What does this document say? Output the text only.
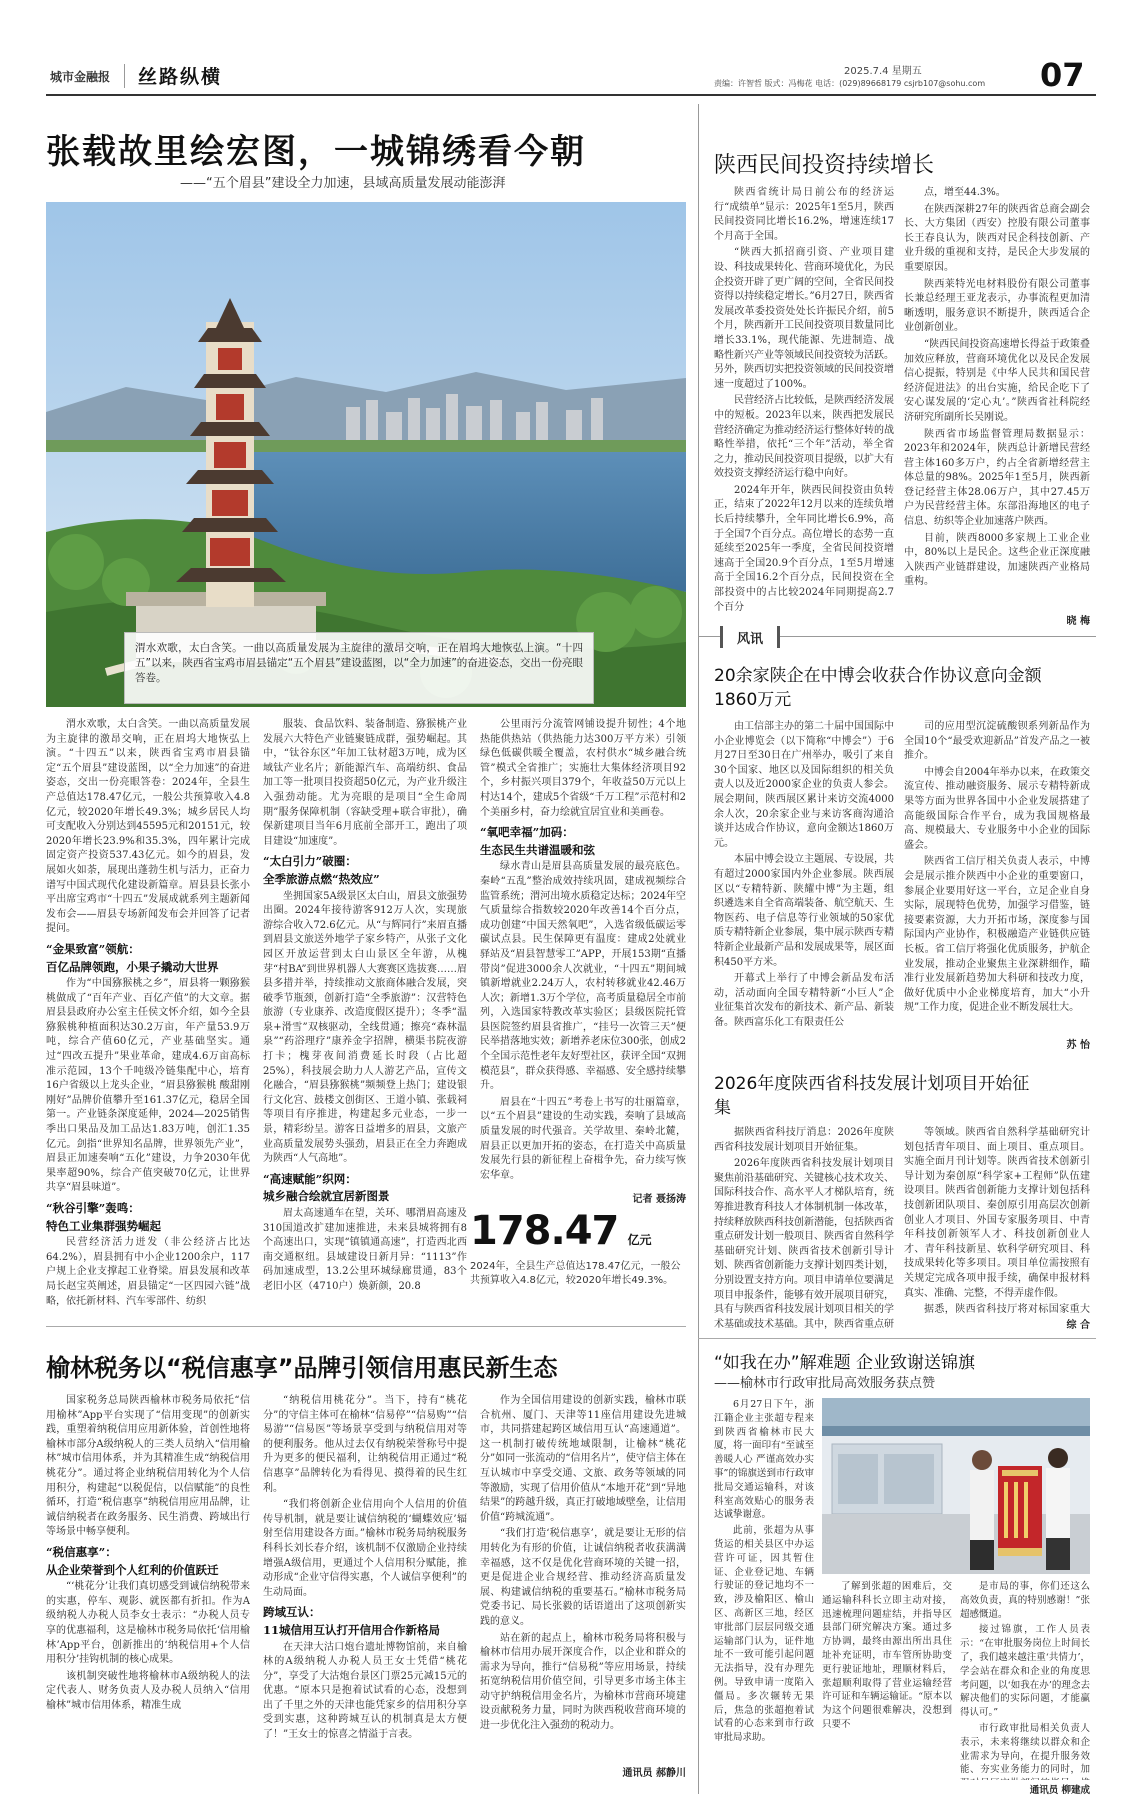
城市金融报 丝路纵横	2025.7.4 星期五	07
责编：许智哲 版式：冯梅花 电话：(029)89668179 csjrb107@sohu.com
张载故里绘宏图，一城锦绣看今朝
——“五个眉县”建设全力加速，县域高质量发展动能澎湃
渭水欢歌，太白含笑。一曲以高质量发展为主旋律的激昂交响，正在眉坞大地恢弘上演。“十四五”以来，陕西省宝鸡市眉县锚定“五个眉县”建设蓝图，以“全力加速”的奋进姿态，交出一份亮眼答卷。

渭水欢歌，太白含笑。一曲以高质量发展为主旋律的激昂交响，正在眉坞大地恢弘上演。“十四五”以来，陕西省宝鸡市眉县锚定“五个眉县”建设蓝图，以“全力加速”的奋进姿态，交出一份亮眼答卷：2024年，全县生产总值达178.47亿元，一般公共预算收入4.8亿元，较2020年增长49.3%；城乡居民人均可支配收入分别达到45595元和20151元，较2020年增长23.9%和35.3%，四年累计完成固定资产投资537.43亿元。如今的眉县，发展如火如荼，展现出蓬勃生机与活力，正奋力谱写中国式现代化建设新篇章。眉县县长张小平出席宝鸡市“十四五”发展成就系列主题新闻发布会——眉县专场新闻发布会并回答了记者提问。

“金果致富”领航：
百亿品牌领跑，小果子撬动大世界

作为“中国猕猴桃之乡”，眉县将一颗猕猴桃做成了“百年产业、百亿产值”的大文章。据眉县县政府办公室主任侯文怀介绍，如今全县猕猴桃种植面积达30.2万亩，年产量53.9万吨，综合产值60亿元，产业基础坚实。通过“四改五提升”果业革命，建成4.6万亩高标准示范园，13个千吨级冷链集配中心，培育16户省级以上龙头企业，“眉县猕猴桃 酸甜刚刚好”品牌价值攀升至161.37亿元，稳居全国第一。产业链条深度延伸，2024—2025销售季出口果品及加工品达1.83万吨，创汇1.35亿元。剑指“世界知名品牌，世界领先产业”，眉县正加速奏响“五化”建设，力争2030年优果率超90%，综合产值突破70亿元，让世界共享“眉县味道”。

“秋谷引擎”轰鸣：
特色工业集群强势崛起

民营经济活力迸发（非公经济占比达64.2%），眉县拥有中小企业1200余户，117户规上企业支撑起工业脊梁。眉县发展和改革局长赵宝英阐述，眉县锚定“一区四园六链”战略，依托新材料、汽车零部件、纺织

服装、食品饮料、装备制造、猕猴桃产业发展六大特色产业链聚链成群，强势崛起。其中，“钛谷东区”年加工钛材超3万吨，成为区域钛产业名片；新能源汽车、高端纺织、食品加工等一批项目投资超50亿元，为产业升级注入强劲动能。尤为亮眼的是项目“全生命周期”服务保障机制（容缺受理+联合审批），确保新建项目当年6月底前全部开工，跑出了项目建设“加速度”。

“太白引力”破圈：
全季旅游点燃“热效应”

坐拥国家5A级景区太白山，眉县文旅强势出圈。2024年接待游客912万人次，实现旅游综合收入72.6亿元。从“与辉同行”来眉直播到眉县文旅送外地学子家乡特产，从张子文化园区开放运营到太白山景区全年游，从槐芽“村BA”到世界机器人大赛赛区选拔赛……眉县多措并举，持续推动文旅商体融合发展，突破季节瓶颈，创新打造“全季旅游”：汉营特色旅游（专业康养、改造度假区提升）；冬季“温泉+滑雪”双核驱动，全线贯通；擦亮“森林温泉”“药浴理疗”康养金字招牌，横渠书院夜游打卡；槐芽夜间消费延长时段（占比超25%），科技展会助力人人游艺产品，宣传文化融合，“眉县猕猴桃”频频登上热门；建设银行文化宫、鼓楼文创街区、王道小镇、张载祠等项目有序推进，构建起多元业态，一步一景，精彩纷呈。游客日益增多的眉县，文旅产业高质量发展势头强劲，眉县正在全力奔跑成为陕西“人气高地”。

“高速赋能”织网：
城乡融合绘就宜居新图景

眉太高速通车在望，关环、哪渭眉高速及310国道改扩建加速推进，未来县城将拥有8个高速出口，实现“镇镇通高速”，打造西北西南交通枢纽。县域建设日新月异：“1113”作码加速成型，13.2公里环城绿廊贯通，83个老旧小区（4710户）焕新颜，20.8

公里雨污分流管网铺设提升韧性；4个地热能供热站（供热能力达300万平方米）引领绿色低碳供暖全覆盖，农村供水“城乡融合统管”模式全省推广；实施壮大集体经济项目92个，乡村振兴项目379个，年收益50万元以上村达14个，建成5个省级“千万工程”示范村和2个美丽乡村，奋力绘就宜居宜业和美画卷。

“氧吧幸福”加码：
生态民生共谱温暖和弦

绿水青山是眉县高质量发展的最亮底色。秦岭“五乱”整治成效持续巩固，建成视频综合监管系统；渭河出境水质稳定达标；2024年空气质量综合指数较2020年改善14个百分点，成功创建“中国天然氧吧”，入选省级低碳运零碳试点县。民生保障更有温度：建成2处就业驿站及“眉县智慧零工”APP，开展153期“直播带岗”促进3000余人次就业，“十四五”期间城镇新增就业2.24万人，农村转移就业42.46万人次；新增1.3万个学位，高考质量稳居全市前列，入选国家特教改革实验区；县级医院托管县医院签约眉县省推广，“挂号一次管三天”便民举措落地实效；新增养老床位300张，创成2个全国示范性老年友好型社区，获评全国“双拥模范县”，群众获得感、幸福感、安全感持续攀升。

眉县在“十四五”考卷上书写的壮丽篇章，以“五个眉县”建设的生动实践，奏响了县域高质量发展的时代强音。关学故里、秦岭北麓，眉县正以更加开拓的姿态，在打造关中高质量发展先行县的新征程上奋楫争先，奋力续写恢宏华章。

记者 聂扬涛
178.47 亿元
2024年，全县生产总值达178.47亿元，一般公共预算收入4.8亿元，较2020年增长49.3%。
榆林税务以“税信惠享”品牌引领信用惠民新生态

国家税务总局陕西榆林市税务局依托“信用榆林”App平台实现了“信用变现”的创新实践，重塑着纳税信用应用新体验，首创性地将榆林市部分A级纳税人的三类人员纳入“信用榆林”城市信用体系，并为其精准生成“纳税信用桃花分”。通过将企业纳税信用转化为个人信用积分，构建起“以税促信，以信赋能”的良性循环，打造“税信惠享”纳税信用应用品牌，让诚信纳税者在政务服务、民生消费、跨域出行等场景中畅享便利。

“税信惠享”：
从企业荣誉到个人红利的价值跃迁

“‘桃花分’让我们真切感受到诚信纳税带来的实惠，停车、观影、就医都有折扣。作为A级纳税人办税人员李女士表示：“办税人员专享的优惠福利，这是榆林市税务局依托‘信用榆林’App平台，创新推出的‘纳税信用+个人信用积分’挂钩机制的核心成果。

该机制突破性地将榆林市A级纳税人的法定代表人、财务负责人及办税人员纳入“信用榆林”城市信用体系，精准生成

“纳税信用桃花分”。当下，持有“桃花分”的守信主体可在榆林“信易停”“信易购”“信易游”“信易医”等场景享受到与纳税信用对等的便利服务。他从过去仅有纳税荣誉称号中提升为更多的便民福利，让纳税信用正通过“税信惠享”品牌转化为看得见、摸得着的民生红利。

“我们将创新企业信用向个人信用的价值传导机制，就是要让诚信纳税的‘蝴蝶效应’辐射至信用建设各方面。”榆林市税务局纳税服务科科长刘长春介绍，该机制不仅激励企业持续增强A级信用，更通过个人信用积分赋能，推动形成“企业守信得实惠，个人诚信享便利”的生动局面。

跨域互认：
11城信用互认打开信用合作新格局

在天津大沽口炮台遗址博物馆前，来自榆林的A级纳税人办税人员王女士凭借“桃花分”，享受了大沽炮台景区门票25元减15元的优惠。“原本只是抱着试试看的心态，没想到出了千里之外的天津也能凭家乡的信用积分享受到实惠，这种跨城互认的机制真是太方便了！”王女士的惊喜之情溢于言表。

作为全国信用建设的创新实践，榆林市联合杭州、厦门、天津等11座信用建设先进城市，共同搭建起跨区域信用互认“高速通道”。这一机制打破传统地域限制，让榆林“桃花分”如同一张流动的“信用名片”，使守信主体在互认城市中享受交通、文旅、政务等领域的同等激励，实现了信用价值从“本地开花”到“异地结果”的跨越升级，真正打破地域壁垒，让信用价值“跨城流通”。

“我们打造‘税信惠享’，就是要让无形的信用转化为有形的价值，让诚信纳税者收获满满幸福感，这不仅是优化营商环境的关键一招，更是促进企业合规经营、推动经济高质量发展、构建诚信纳税的重要基石。”榆林市税务局党委书记、局长张毅的话语道出了这项创新实践的意义。

站在新的起点上，榆林市税务局将积极与榆林市信用办展开深度合作，以企业和群众的需求为导向，推行“信易税”等应用场景，持续拓宽纳税信用价值空间，引导更多市场主体主动守护纳税信用金名片，为榆林市营商环境建设贡献税务力量，同时为陕西税收营商环境的进一步优化注入强劲的税动力。

通讯员 郝静川
陕西民间投资持续增长

陕西省统计局日前公布的经济运行“成绩单”显示：2025年1至5月，陕西民间投资同比增长16.2%，增速连续17个月高于全国。

“陕西大抓招商引资、产业项目建设、科技成果转化、营商环境优化，为民企投资开辟了更广阔的空间，全省民间投资得以持续稳定增长。”6月27日，陕西省发展改革委投资处处长许振民介绍，前5个月，陕西新开工民间投资项目数量同比增长33.1%，现代能源、先进制造、战略性新兴产业等领域民间投资较为活跃。另外，陕西切实把投资领域的民间投资增速一度超过了100%。

民营经济占比较低，是陕西经济发展中的短板。2023年以来，陕西把发展民营经济确定为推动经济运行整体好转的战略性举措，依托“三个年”活动，举全省之力，推动民间投资项目提级，以扩大有效投资支撑经济运行稳中向好。

2024年开年，陕西民间投资由负转正，结束了2022年12月以来的连续负增长后持续攀升，全年同比增长6.9%，高于全国7个百分点。高位增长的态势一直延续至2025年一季度，全省民间投资增速高于全国20.9个百分点，1至5月增速高于全国16.2个百分点，民间投资在全部投资中的占比较2024年同期提高2.7个百分

点，增至44.3%。

在陕西深耕27年的陕西省总商会副会长、大方集团（西安）控股有限公司董事长王春良认为，陕西对民企科技创新、产业升级的重视和支持，是民企大步发展的重要原因。

陕西莱特光电材料股份有限公司董事长兼总经理王亚龙表示，办事流程更加清晰透明，服务意识不断提升，陕西适合企业创新创业。

“陕西民间投资高速增长得益于政策叠加效应释放，营商环境优化以及民企发展信心提振，特别是《中华人民共和国民营经济促进法》的出台实施，给民企吃下了安心谋发展的‘定心丸’。”陕西省社科院经济研究所副所长吴刚说。

陕西省市场监督管理局数据显示：2023年和2024年，陕西总计新增民营经营主体160多万户，约占全省新增经营主体总量的98%。2025年1至5月，陕西新登记经营主体28.06万户，其中27.45万户为民营经营主体。东部沿海地区的电子信息、纺织等企业加速落户陕西。

目前，陕西8000多家规上工业企业中，80%以上是民企。这些企业正深度融入陕西产业链群建设，加速陕西产业格局重构。

晓 梅
风讯
20余家陕企在中博会收获合作协议意向金额1860万元

由工信部主办的第二十届中国国际中小企业博览会（以下简称“中博会”）于6月27日至30日在广州举办，吸引了来自30个国家、地区以及国际组织的相关负责人以及近2000家企业的负责人参会。展会期间，陕西展区累计来访交流4000余人次，20余家企业与来访客商沟通洽谈并达成合作协议，意向金额达1860万元。

本届中博会设立主题展、专设展，共有超过2000家国内外企业参展。陕西展区以“专精特新、陕耀中博”为主题，组织遴选来自全省高端装备、航空航天、生物医药、电子信息等行业领域的50家优质专精特新企业参展，集中展示陕西专精特新企业最新产品和发展成果等，展区面积450平方米。

开幕式上举行了中博会新品发布活动，活动面向全国专精特新“小巨人”企业征集首次发布的新技术、新产品、新装备。陕西富乐化工有限责任公

司的应用型沉淀硫酸钡系列新品作为全国10个“最受欢迎新品”首发产品之一被推介。

中博会自2004年举办以来，在政策交流宣传、推动融资服务、展示专精特新成果等方面为世界各国中小企业发展搭建了高能级国际合作平台，成为我国规格最高、规模最大、专业服务中小企业的国际盛会。

陕西省工信厅相关负责人表示，中博会是展示推介陕西中小企业的重要窗口，参展企业要用好这一平台，立足企业自身实际，展现特色优势，加强学习借鉴，链接要素资源，大力开拓市场，深度参与国际国内产业协作，积极融造产业链供应链长板。省工信厅将强化优质服务，护航企业发展，推动企业聚焦主业深耕细作，瞄准行业发展新趋势加大科研和技改力度，做好优质中小企业梯度培育，加大“小升规”工作力度，促进企业不断发展壮大。

苏 怡
2026年度陕西省科技发展计划项目开始征集

据陕西省科技厅消息：2026年度陕西省科技发展计划项目开始征集。

2026年度陕西省科技发展计划项目聚焦前沿基础研究、关键核心技术攻关、国际科技合作、高水平人才梯队培育，统筹推进教育科技人才体制机制一体改革，持续释放陕西科技创新潜能，包括陕西省重点研发计划一般项目、陕西省自然科学基础研究计划、陕西省技术创新引导计划、陕西省创新能力支撑计划四类计划，分别设置支持方向。项目申请单位要满足项目申报条件，能够有效开展项目研究，具有与陕西省科技发展计划项目相关的学术基础或技术基础。其中，陕西省重点研

等领域。陕西省自然科学基础研究计划包括青年项目、面上项目、重点项目。实施全面月刊计划等。陕西省技术创新引导计划为秦创原“科学家+工程师”队伍建设项目。陕西省创新能力支撑计划包括科技创新团队项目、秦创原引用高层次创新创业人才项目、外国专家服务项目、中青年科技创新领军人才、科技创新创业人才、青年科技新星、软科学研究项目、科技成果转化等多项目。项目单位需按照有关规定完成各项申报手续，确保申报材料真实、准确、完整，不得弄虚作假。

据悉，陕西省科技厅将对标国家重大

综 合
“如我在办”解难题 企业致谢送锦旗
——榆林市行政审批局高效服务获点赞

6月27日下午，浙江籍企业主张超专程来到陕西省榆林市民大厦，将一面印有“至诚至善暖人心 严谨高效办实事”的锦旗送到市行政审批局交通运输科，对该科室高效贴心的服务表达诚挚谢意。

此前，张超为从事货运的相关县区中办运营许可证，因其暂住证、企业登记地、车辆行驶证的登记地均不一致，涉及榆阳区、榆山区、高新区三地，经区审批部门层层同级交通运输部门认为，证件地址不一致可能引起问题无法指导，没有办理先例。导致申请一度陷入僵局。多次辗转无果后，焦急的张超抱着试试看的心态来到市行政审批局求助。

了解到张超的困难后，交通运输科科长立即主动对接，迅速梳理问题症结，并指导区县部门研究解决方案。通过多方协调，最终由源出所出具住址补充证明，市车管所协助变更行驶证地址，理顺材料后，张超顺利取得了营业运输经营许可证和车辆运输证。“原本以为这个问题很难解决，没想到只要不

是市局的事，你们还这么高效负责，真的特别感谢！”张超感慨道。

接过锦旗，工作人员表示：“在审批服务岗位上时间长了，我们越来越注重‘共情力’，学会站在群众和企业的角度思考问题，以‘如我在办’的理念去解决他们的实际问题，才能赢得认可。”

市行政审批局相关负责人表示，未来将继续以群众和企业需求为导向，在提升服务效能、夯实业务能力的同时，加

通讯员 柳建成
